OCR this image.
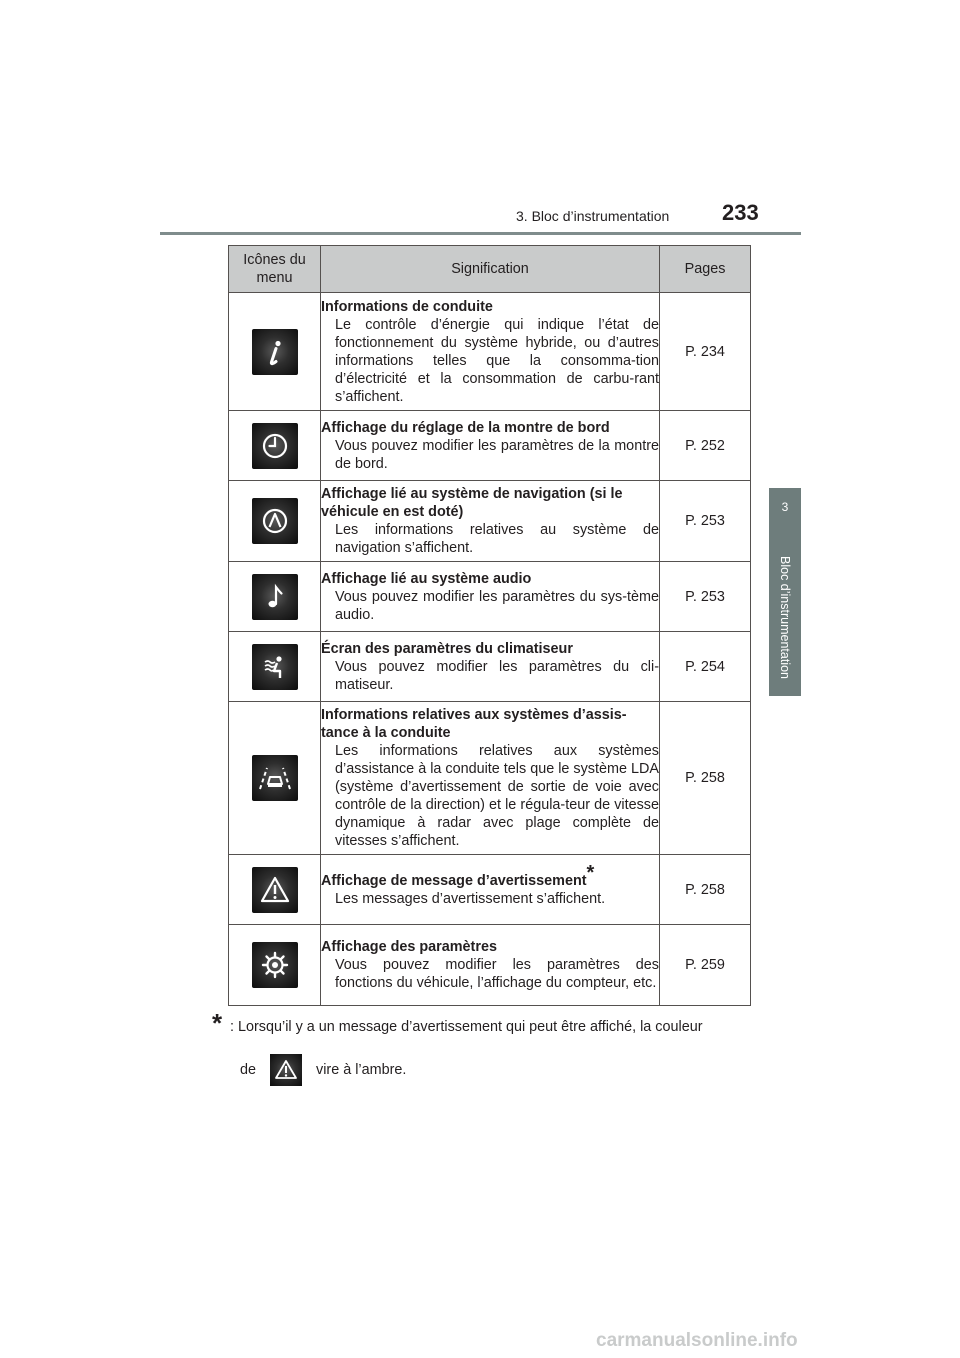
3. Bloc d’instrumentation 233
3
Bloc d’instrumentation
Icônes du menu	Signification	Pages

Informations de conduite
Le contrôle d’énergie qui indique l’état de fonctionnement du système hybride, ou d’autres informations telles que la consomma-tion d’électricité et la consommation de carbu-rant s’affichent.	P. 234

Affichage du réglage de la montre de bord
Vous pouvez modifier les paramètres de la montre de bord.	P. 252

Affichage lié au système de navigation (si le véhicule en est doté)
Les informations relatives au système de navigation s’affichent.	P. 253

Affichage lié au système audio
Vous pouvez modifier les paramètres du sys-tème audio.	P. 253

Écran des paramètres du climatiseur
Vous pouvez modifier les paramètres du cli-matiseur.	P. 254

Informations relatives aux systèmes d’assis-tance à la conduite
Les informations relatives aux systèmes d’assistance à la conduite tels que le système LDA (système d’avertissement de sortie de voie avec contrôle de la direction) et le régula-teur de vitesse dynamique à radar avec plage complète de vitesses s’affichent.	P. 258

Affichage de message d’avertissement*
Les messages d’avertissement s’affichent.	P. 258

Affichage des paramètres
Vous pouvez modifier les paramètres des fonctions du véhicule, l’affichage du compteur, etc.	P. 259
* : Lorsqu’il y a un message d’avertissement qui peut être affiché, la couleur
de	vire à l’ambre.
carmanualsonline.info
